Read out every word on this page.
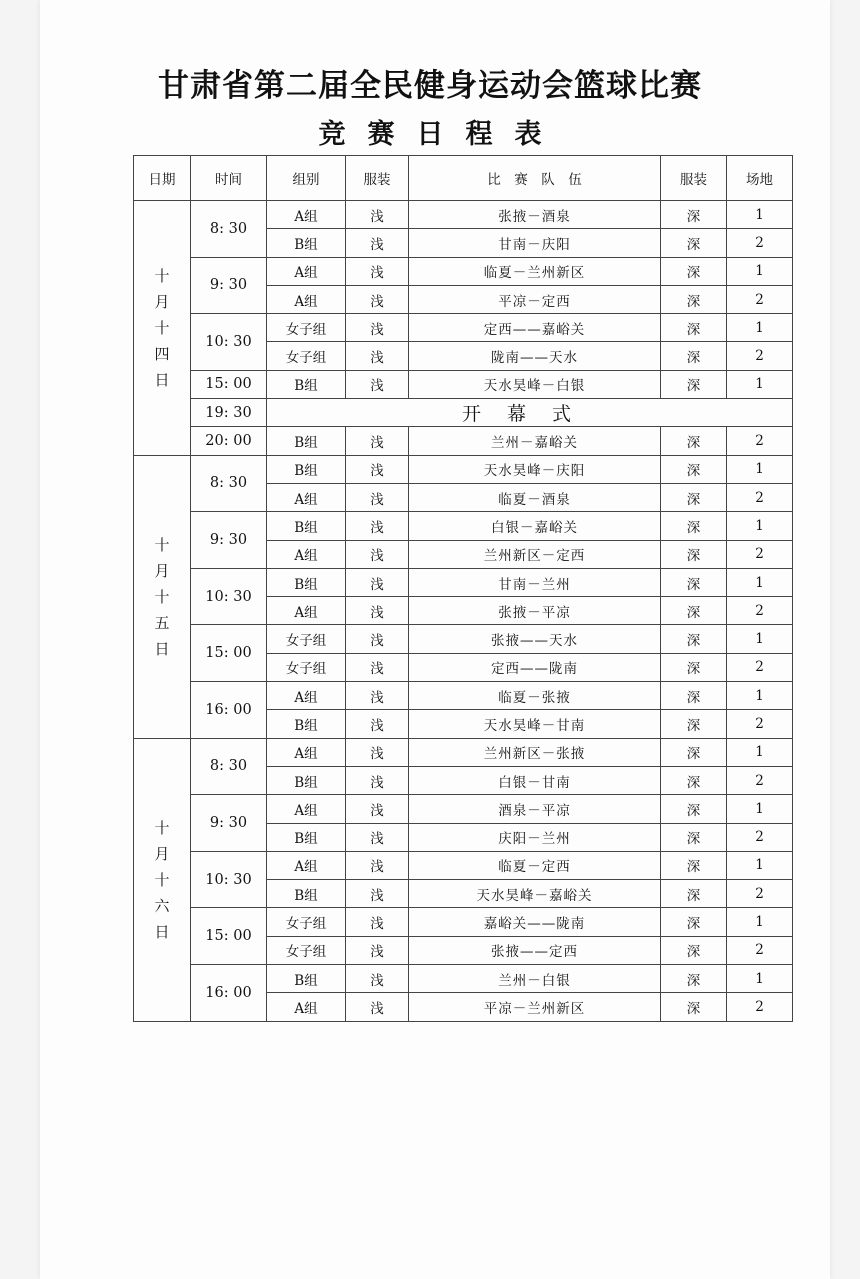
甘肃省第二届全民健身运动会篮球比赛
竞赛日程表
日期	时间	组别	服装	比　赛　队　伍	服装	场地

十月十四日	8: 30	A组	浅	张掖－酒泉	深	1
		B组	浅	甘南－庆阳	深	2
	9: 30	A组	浅	临夏－兰州新区	深	1
		A组	浅	平凉－定西	深	2
	10: 30	女子组	浅	定西——嘉峪关	深	1
		女子组	浅	陇南——天水	深	2
	15: 00	B组	浅	天水昊峰－白银	深	1
	19: 30	开幕式				
	20: 00	B组	浅	兰州－嘉峪关	深	2

十月十五日	8: 30	B组	浅	天水昊峰－庆阳	深	1
		A组	浅	临夏－酒泉	深	2
	9: 30	B组	浅	白银－嘉峪关	深	1
		A组	浅	兰州新区－定西	深	2
	10: 30	B组	浅	甘南－兰州	深	1
		A组	浅	张掖－平凉	深	2
	15: 00	女子组	浅	张掖——天水	深	1
		女子组	浅	定西——陇南	深	2
	16: 00	A组	浅	临夏－张掖	深	1
		B组	浅	天水昊峰－甘南	深	2

十月十六日	8: 30	A组	浅	兰州新区－张掖	深	1
		B组	浅	白银－甘南	深	2
	9: 30	A组	浅	酒泉－平凉	深	1
		B组	浅	庆阳－兰州	深	2
	10: 30	A组	浅	临夏－定西	深	1
		B组	浅	天水昊峰－嘉峪关	深	2
	15: 00	女子组	浅	嘉峪关——陇南	深	1
		女子组	浅	张掖——定西	深	2
	16: 00	B组	浅	兰州－白银	深	1
		A组	浅	平凉－兰州新区	深	2
